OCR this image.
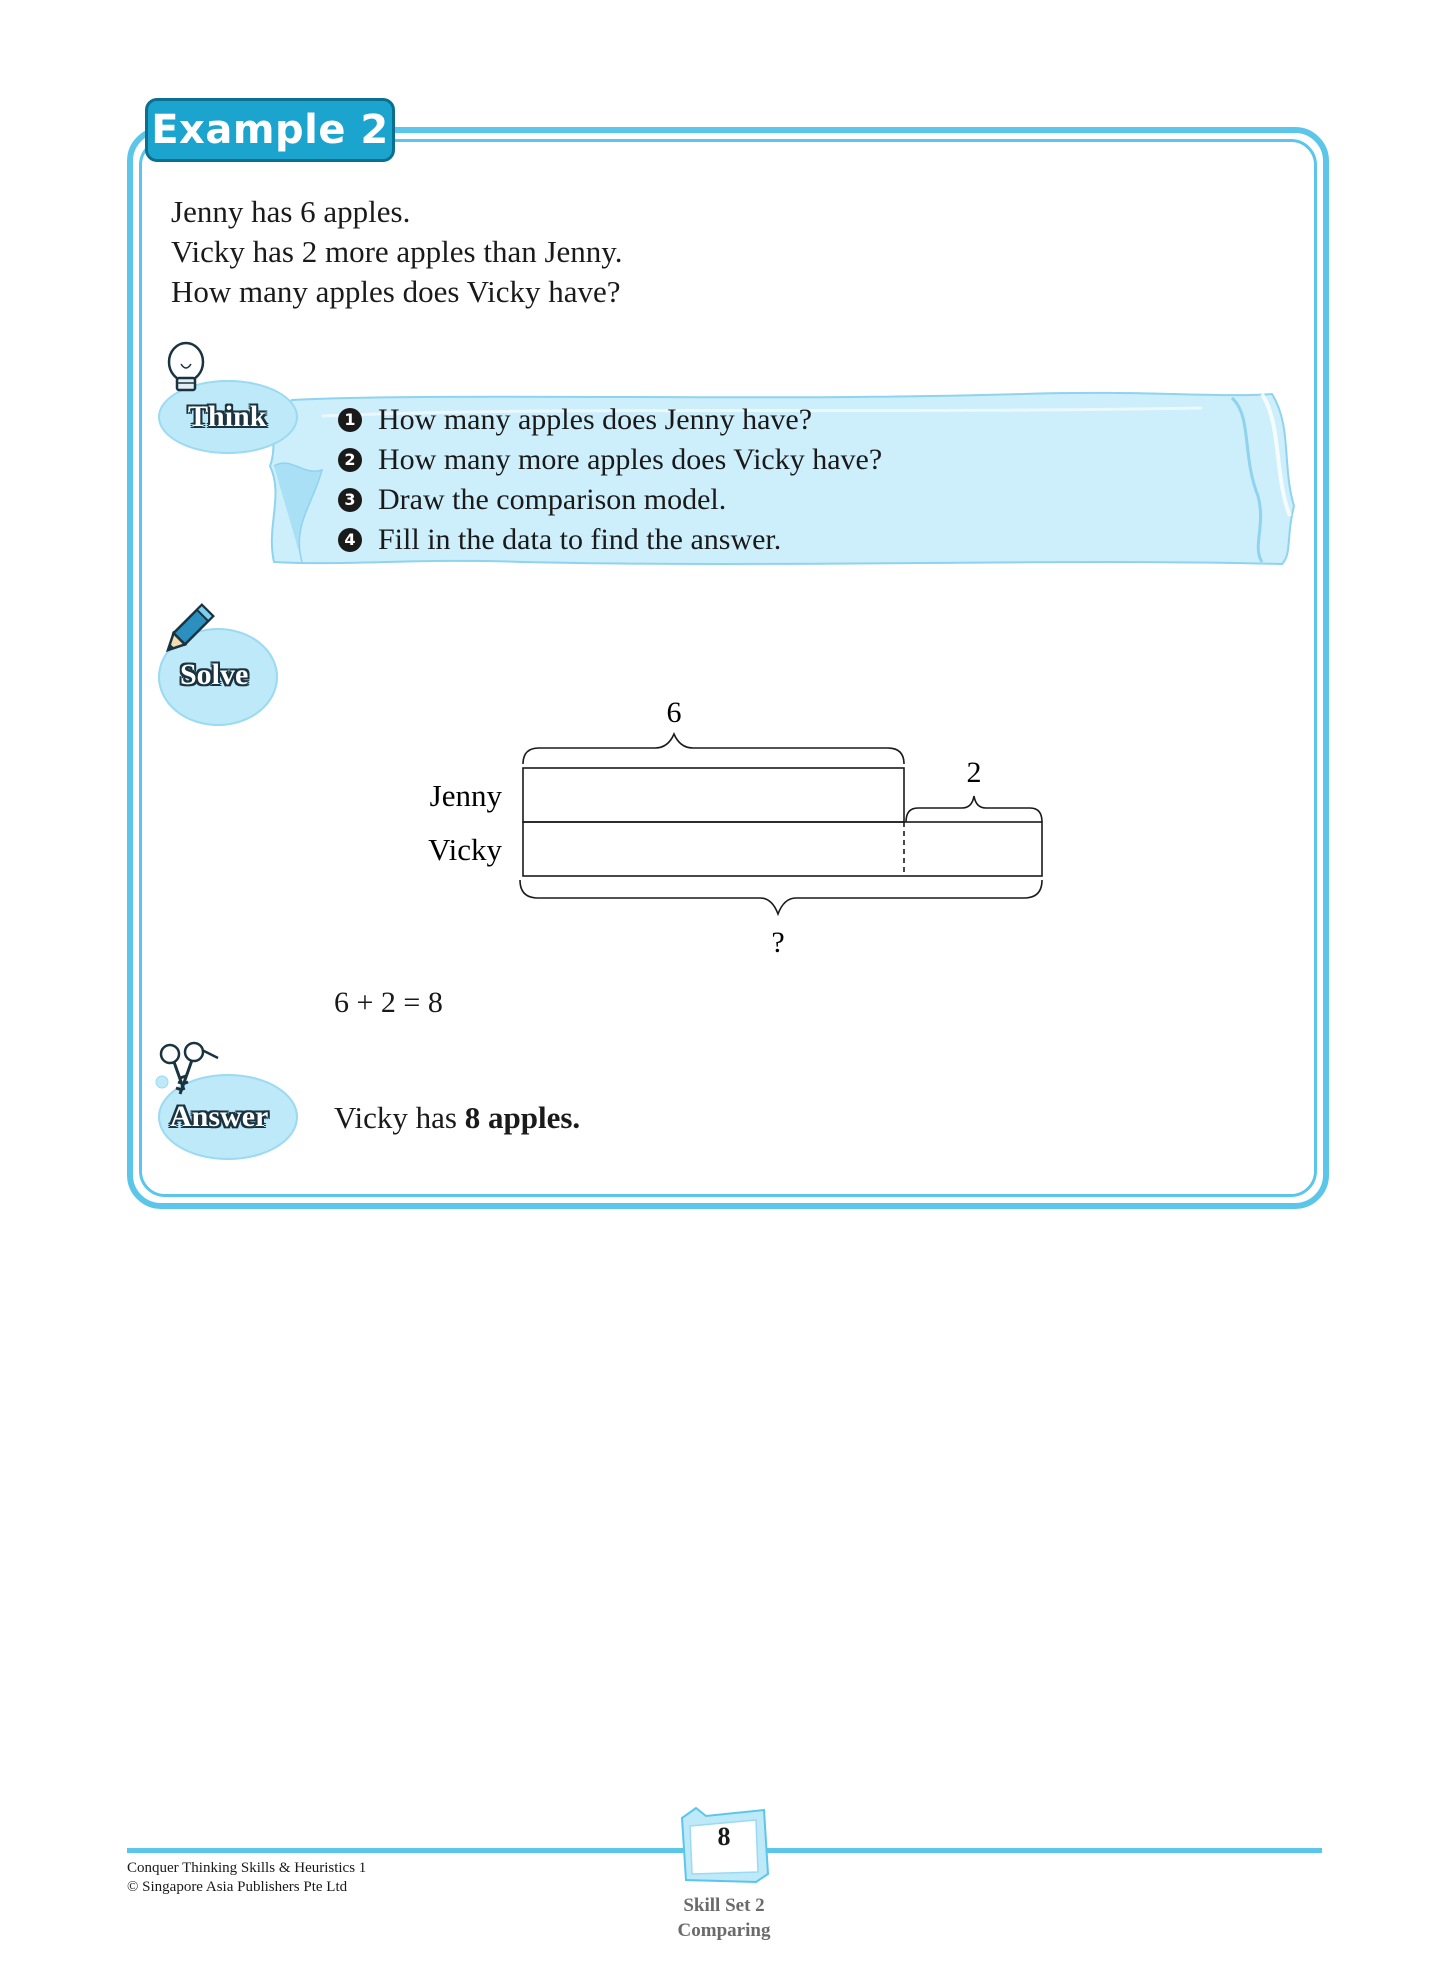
Example 2
Jenny has 6 apples.
Vicky has 2 more apples than Jenny.
How many apples does Vicky have?
Think	1 How many apples does Jenny have?
2 How many more apples does Vicky have?
3 Draw the comparison model.
4 Fill in the data to find the answer.
Solve
6
2
?
Jenny
Vicky
6 + 2 = 8
Answer Vicky has 8 apples.
8
Conquer Thinking Skills & Heuristics 1
© Singapore Asia Publishers Pte Ltd
Skill Set 2
Comparing
